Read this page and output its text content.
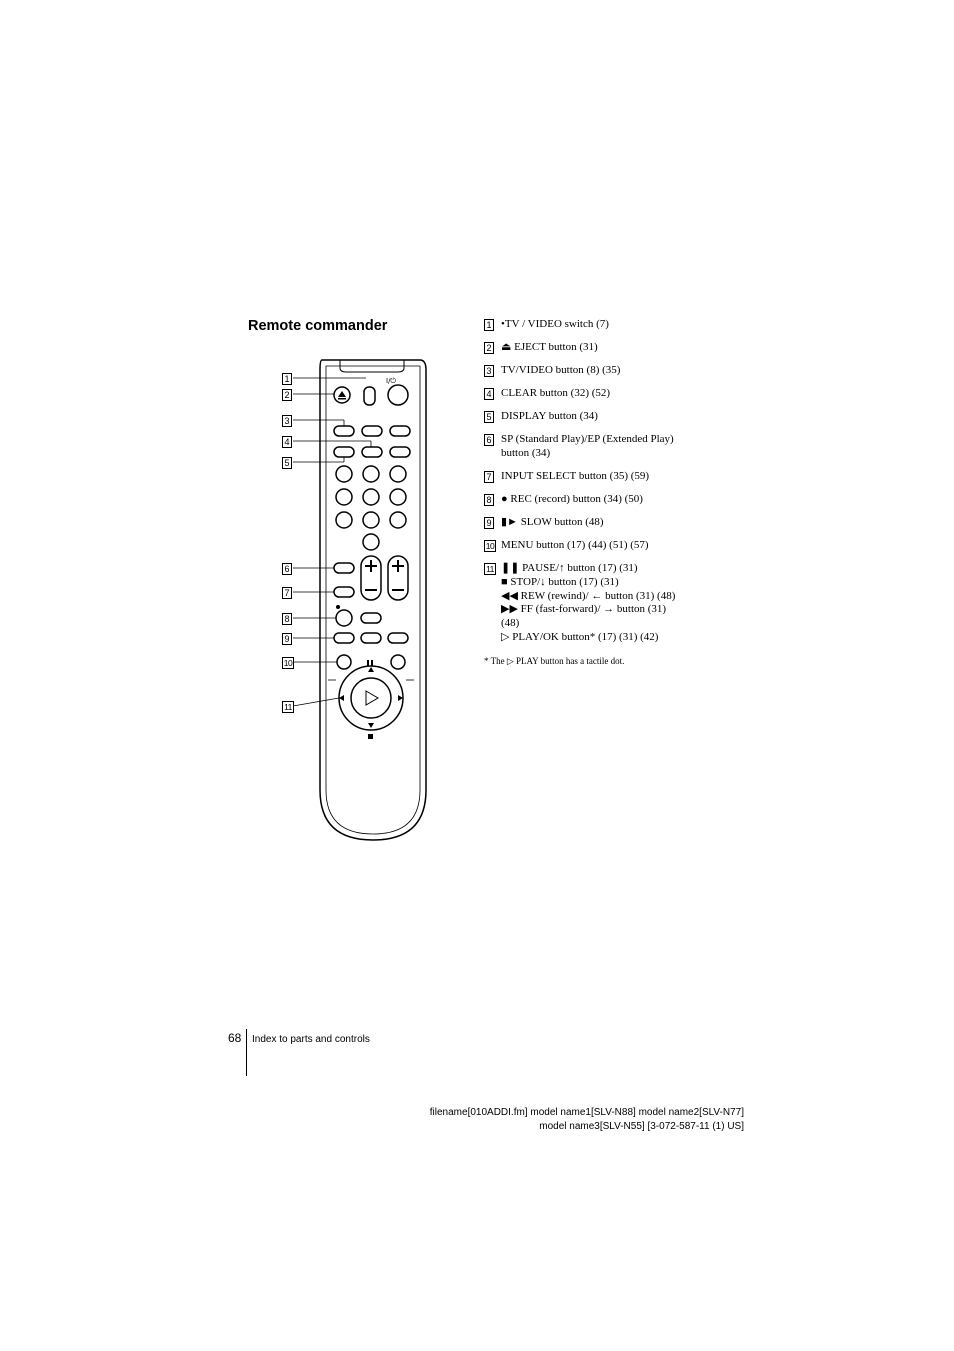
Remote commander
I/⏻
1
2
3
4
5
6
7
8
9
10
11
1 •TV / VIDEO switch (7)
2 ⏏ EJECT button (31)
3 TV/VIDEO button (8) (35)
4 CLEAR button (32) (52)
5 DISPLAY button (34)
6 SP (Standard Play)/EP (Extended Play)
button (34)
7 INPUT SELECT button (35) (59)
8 ● REC (record) button (34) (50)
9 ▮► SLOW button (48)
10 MENU button (17) (44) (51) (57)
11 ❚❚ PAUSE/↑ button (17) (31)
■ STOP/↓ button (17) (31)
◀◀ REW (rewind)/ ← button (31) (48)
▶▶ FF (fast-forward)/ → button (31)
(48)
▷ PLAY/OK button* (17) (31) (42)
* The ▷ PLAY button has a tactile dot.
68 Index to parts and controls
filename[010ADDI.fm] model name1[SLV-N88] model name2[SLV-N77]
model name3[SLV-N55] [3-072-587-11 (1) US]
